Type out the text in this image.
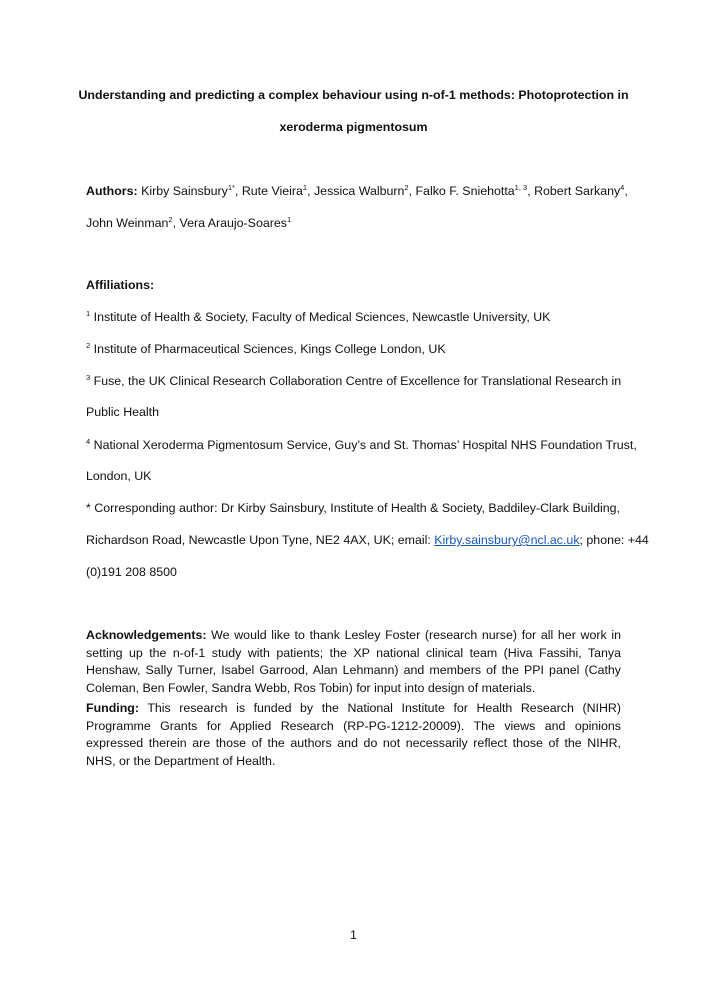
Understanding and predicting a complex behaviour using n-of-1 methods: Photoprotection in
xeroderma pigmentosum
Authors: Kirby Sainsbury$^{1*}$, Rute Vieira$^1$, Jessica Walburn$^2$, Falko F. Sniehotta$^{1, 3}$, Robert Sarkany$^4$,
John Weinman$^2$, Vera Araujo-Soares$^1$
Affiliations:
$^1$ Institute of Health & Society, Faculty of Medical Sciences, Newcastle University, UK
$^2$ Institute of Pharmaceutical Sciences, Kings College London, UK
$^3$ Fuse, the UK Clinical Research Collaboration Centre of Excellence for Translational Research in
Public Health
$^4$ National Xeroderma Pigmentosum Service, Guy’s and St. Thomas’ Hospital NHS Foundation Trust,
London, UK
* Corresponding author: Dr Kirby Sainsbury, Institute of Health & Society, Baddiley-Clark Building,
Richardson Road, Newcastle Upon Tyne, NE2 4AX, UK; email: Kirby.sainsbury@ncl.ac.uk; phone: +44
(0)191 208 8500
Acknowledgements: We would like to thank Lesley Foster (research nurse) for all her work in setting up the n-of-1 study with patients; the XP national clinical team (Hiva Fassihi, Tanya Henshaw, Sally Turner, Isabel Garrood, Alan Lehmann) and members of the PPI panel (Cathy Coleman, Ben Fowler, Sandra Webb, Ros Tobin) for input into design of materials.
Funding: This research is funded by the National Institute for Health Research (NIHR) Programme Grants for Applied Research (RP-PG-1212-20009). The views and opinions expressed therein are those of the authors and do not necessarily reflect those of the NIHR, NHS, or the Department of Health.
1
